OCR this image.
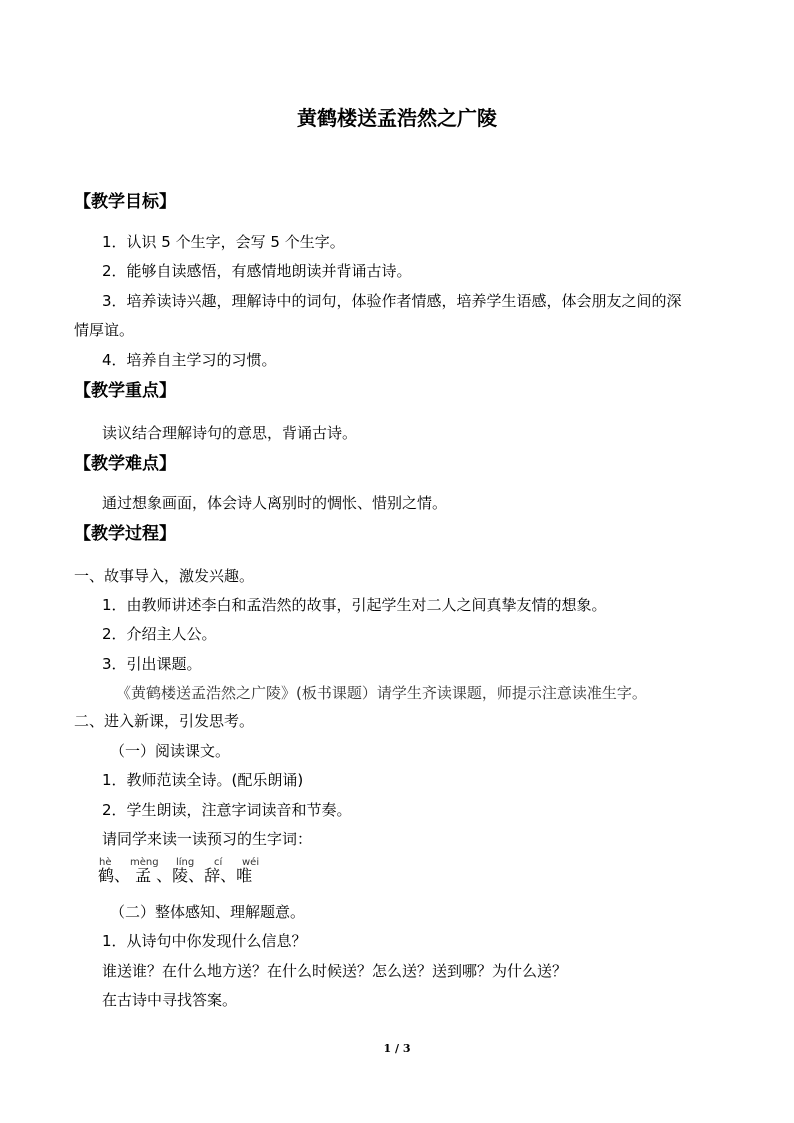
黄鹤楼送孟浩然之广陵
【教学目标】
1．认识 5 个生字，会写 5 个生字。
2．能够自读感悟，有感情地朗读并背诵古诗。
3．培养读诗兴趣，理解诗中的词句，体验作者情感，培养学生语感，体会朋友之间的深
情厚谊。
4．培养自主学习的习惯。
【教学重点】
读议结合理解诗句的意思，背诵古诗。
【教学难点】
通过想象画面，体会诗人离别时的惆怅、惜别之情。
【教学过程】
一、故事导入，激发兴趣。
1．由教师讲述李白和孟浩然的故事，引起学生对二人之间真挚友情的想象。
2．介绍主人公。
3．引出课题。
《黄鹤楼送孟浩然之广陵》(板书课题）请学生齐读课题，师提示注意读准生字。
二、进入新课，引发思考。
（一）阅读课文。
1．教师范读全诗。(配乐朗诵)
2．学生朗读，注意字词读音和节奏。
请同学来读一读预习的生字词：
hè mèng líng cí wéi
鹤、 孟 、陵、辞、唯
（二）整体感知、理解题意。
1．从诗句中你发现什么信息？
谁送谁？在什么地方送？在什么时候送？怎么送？送到哪？为什么送？
在古诗中寻找答案。
1 / 3
